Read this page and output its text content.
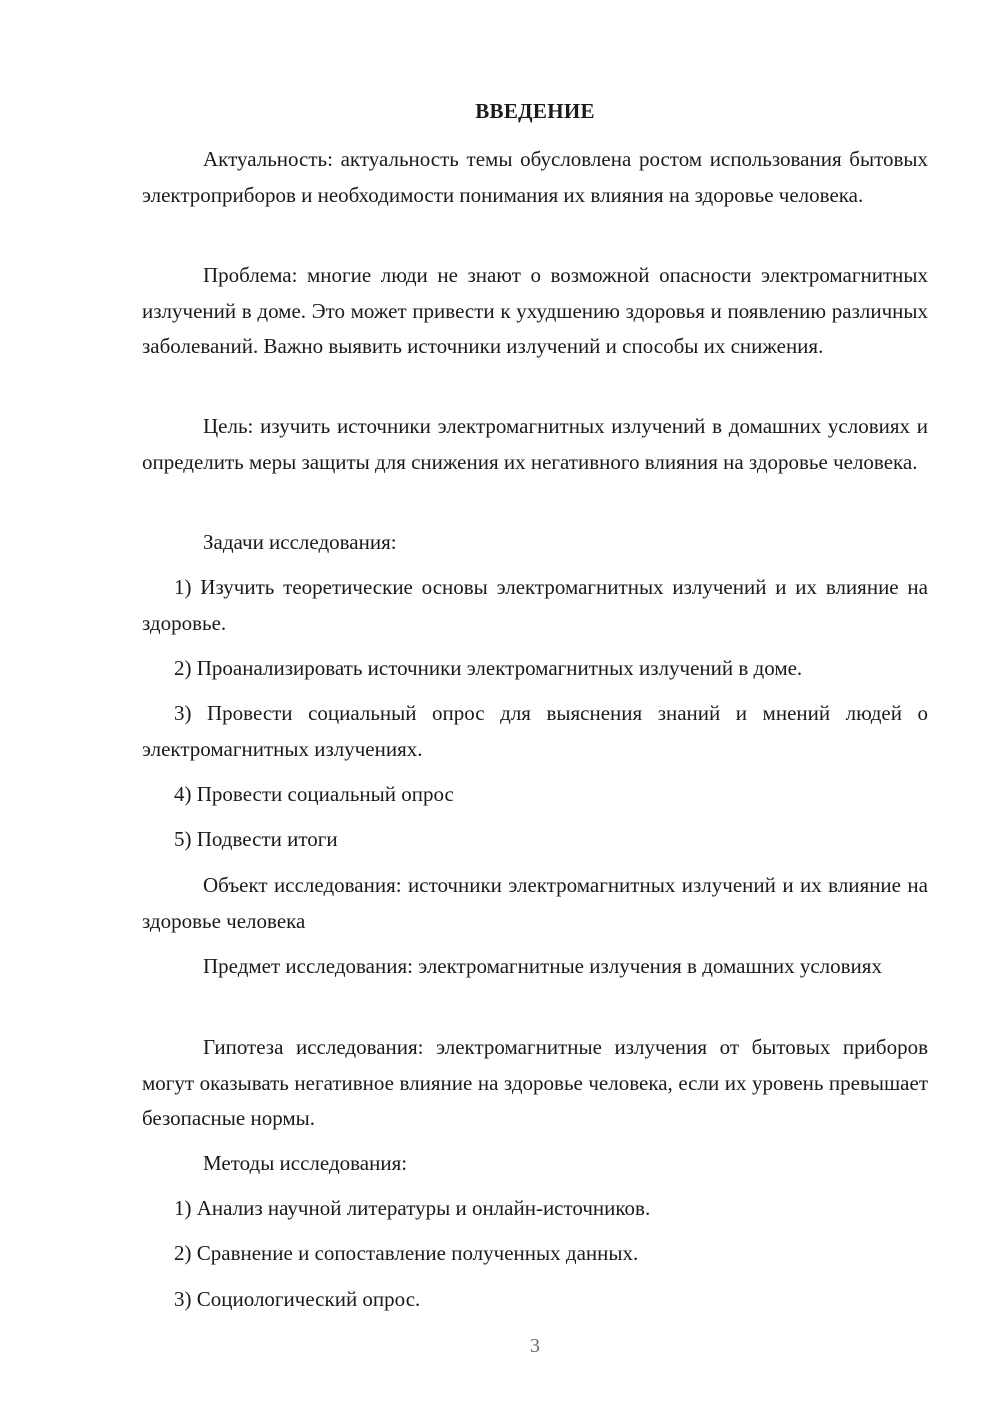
ВВЕДЕНИЕ

Актуальность: актуальность темы обусловлена ростом использования бытовых электроприборов и необходимости понимания их влияния на здоровье человека.

Проблема: многие люди не знают о возможной опасности электромагнитных излучений в доме. Это может привести к ухудшению здоровья и появлению различных заболеваний. Важно выявить источники излучений и способы их снижения.

Цель: изучить источники электромагнитных излучений в домашних условиях и определить меры защиты для снижения их негативного влияния на здоровье человека.

Задачи исследования:

1) Изучить теоретические основы электромагнитных излучений и их влияние на здоровье.

2) Проанализировать источники электромагнитных излучений в доме.

3) Провести социальный опрос для выяснения знаний и мнений людей о электромагнитных излучениях.

4) Провести социальный опрос

5) Подвести итоги

Объект исследования: источники электромагнитных излучений и их влияние на здоровье человека

Предмет исследования: электромагнитные излучения в домашних условиях

Гипотеза исследования: электромагнитные излучения от бытовых приборов могут оказывать негативное влияние на здоровье человека, если их уровень превышает безопасные нормы.

Методы исследования:

1) Анализ научной литературы и онлайн-источников.

2) Сравнение и сопоставление полученных данных.

3) Социологический опрос.

3
